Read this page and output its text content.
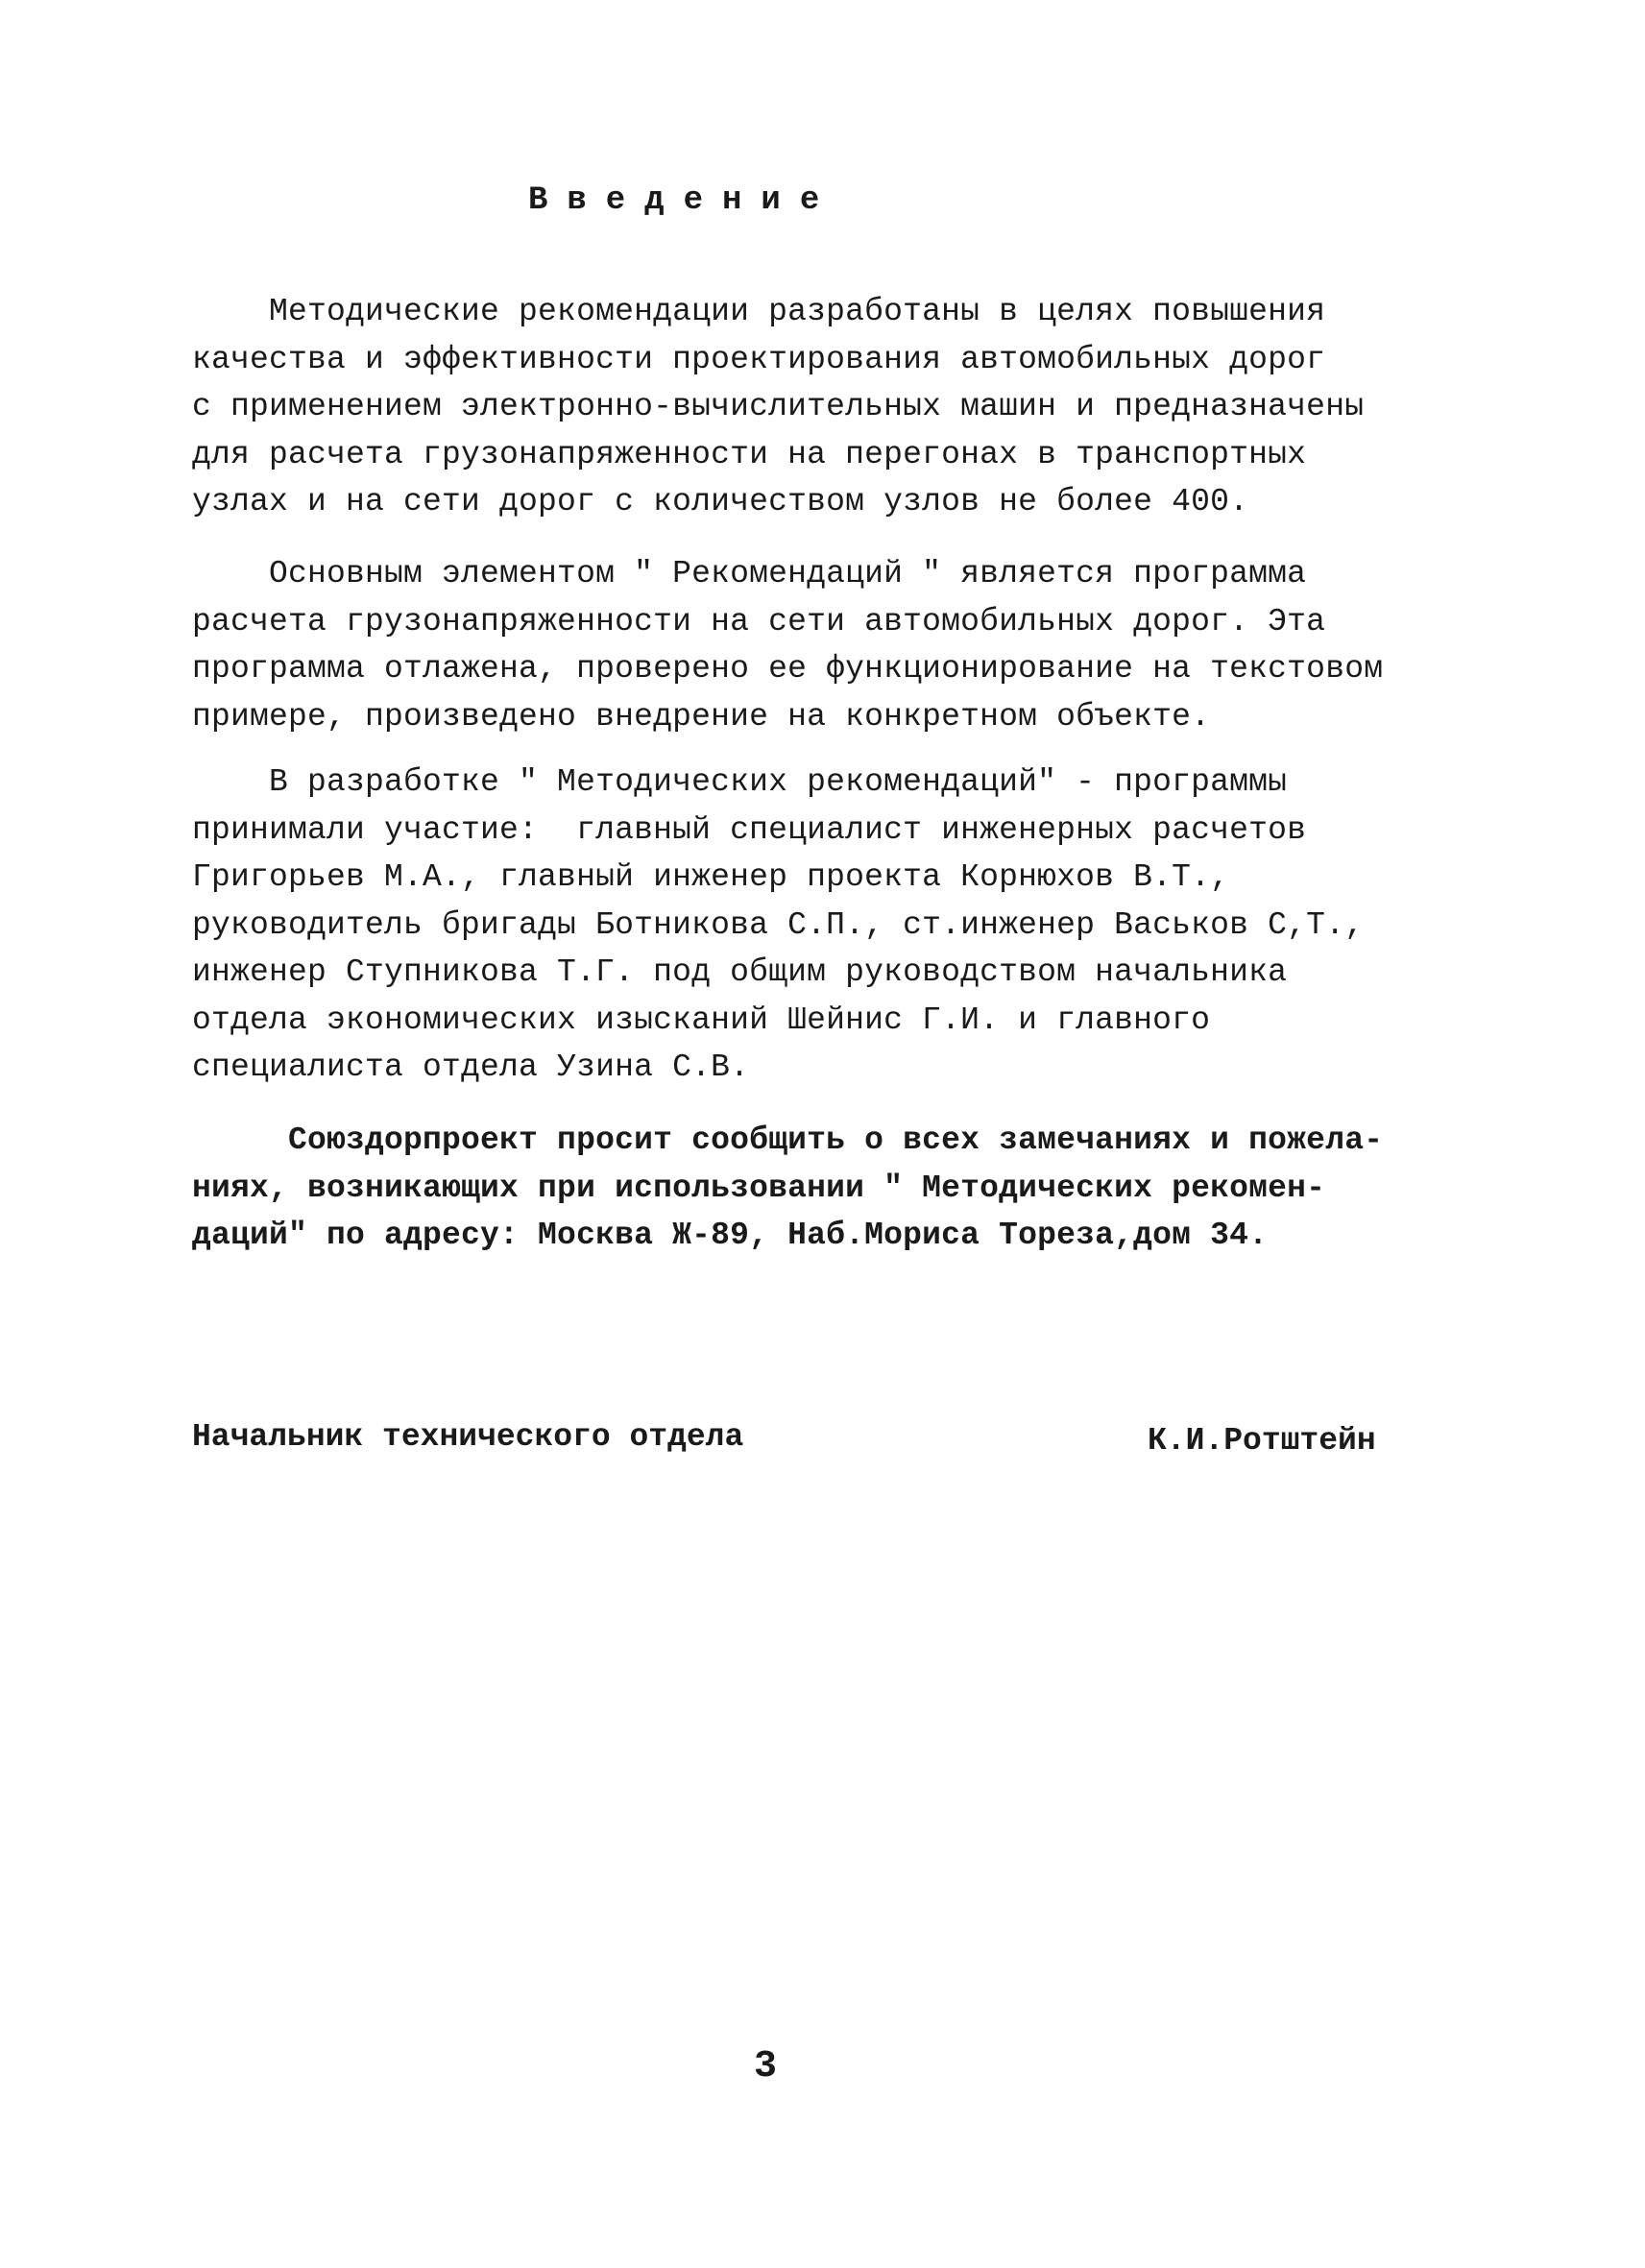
Введение
Методические рекомендации разработаны в целях повышения
качества и эффективности проектирования автомобильных дорог
с применением электронно-вычислительных машин и предназначены
для расчета грузонапряженности на перегонах в транспортных
узлах и на сети дорог с количеством узлов не более 400.
Основным элементом " Рекомендаций " является программа
расчета грузонапряженности на сети автомобильных дорог. Эта
программа отлажена, проверено ее функционирование на текстовом
примере, произведено внедрение на конкретном объекте.
В разработке " Методических рекомендаций" - программы
принимали участие:  главный специалист инженерных расчетов
Григорьев М.А., главный инженер проекта Корнюхов В.Т.,
руководитель бригады Ботникова С.П., ст.инженер Васьков С,Т.,
инженер Ступникова Т.Г. под общим руководством начальника
отдела экономических изысканий Шейнис Г.И. и главного
специалиста отдела Узина С.В.
Союздорпроект просит сообщить о всех замечаниях и пожела-
ниях, возникающих при использовании " Методических рекомен-
даций" по адресу: Москва Ж-89, Наб.Мориса Тореза,дом 34.
Начальник технического отдела	К.И.Ротштейн
3
